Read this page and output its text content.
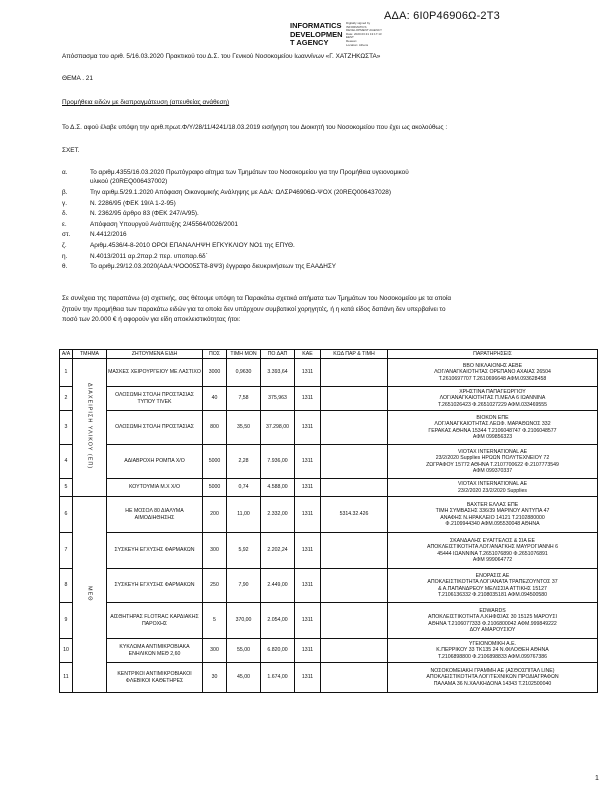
ΑΔΑ: 6Ι0Ρ46906Ω-2Τ3
INFORMATICS
DEVELOPMEN
T AGENCY
Digitally signed by
INFORMATICS
DEVELOPMENT AGENCY
Date: 2020.03.31 13:17:13
EEST
Reason:
Location: Athens
Απόσπασμα του αριθ. 5/16.03.2020 Πρακτικού του Δ.Σ. του Γενικού Νοσοκομείου Ιωαννίνων «Γ. ΧΑΤΖΗΚΩΣΤΑ»
ΘΕΜΑ . 21
Προμήθεια ειδών με διαπραγμάτευση (απευθείας ανάθεση)
Το Δ.Σ. αφού έλαβε υπόψη την αριθ.πρωτ.Φ/Υ/28/11/4241/18.03.2019 εισήγηση του Διοικητή του Νοσοκομείου που έχει ως ακολούθως :
ΣΧΕΤ.
α.	Το αριθμ.4355/16.03.2020 Πρωτόγραφο αίτημα των Τμημάτων του Νοσοκομείου για την Προμήθεια υγειονομικού
υλικού (20REQ006437002)
β.	Την αριθμ.5/29.1.2020 Απόφαση Οικονομικής Ανάληψης με ΑΔΑ: ΩΛΣΡ46906Ω-ΨΟΧ (20REQ006437028)
γ.	Ν. 2286/95 (ΦΕΚ 19/Α 1-2-95)
δ.	Ν. 2362/95 άρθρο 83 (ΦΕΚ 247/Α/95).
ε.	Απόφαση Υπουργού Ανάπτυξης 2/45564/0026/2001
στ.	Ν.4412/2016
ζ.	Αριθμ.4536/4-8-2010 ΟΡΟΙ ΕΠΑΝΑΛΗΨΗ ΕΓΚΥΚΛΙΟΥ ΝΟ1 της ΕΠΥΘ.
η.	Ν.4013/2011 αρ.2παρ.2 περ. υποπαρ.6δ΄
θ.	Το αριθμ.29/12.03.2020(ΑΔΑ:ΨΟΟ05ΣΤ8-8Ψ3) έγγραφο διευκρινήσεων της ΕΑΑΔΗΣΥ
Σε συνέχεια της παραπάνω (α) σχετικής, σας θέτουμε υπόψη τα Παρακάτω σχετικά αιτήματα των Τμημάτων του Νοσοκομείου με τα οποία
ζητούν την προμήθεια των παρακάτω ειδών για τα οποία δεν υπάρχουν συμβατικοί χορηγητές, ή η κατά είδος δαπάνη δεν υπερβαίνει το
ποσό των 20.000 € ή αφορούν για είδη αποκλειστικότητας ήτοι:
Α/Α	ΤΜΗΜΑ	ΖΗΤΟΥΜΕΝΑ ΕΙΔΗ	ΠΟΣ	ΤΙΜΗ ΜΟΝ	ΠΟ ΔΑΠ	ΚΑΕ	ΚΩΔ ΠΑΡ & ΤΙΜΗ	ΠΑΡΑΤΗΡΗΣΕΙΣ
1	ΔΙΑΧΕΙΡΙΣΗ ΥΛΙΚΟΥ (ΕΠ)	ΜΑΣΚΕΣ ΧΕΙΡΟΥΡΓΕΙΟΥ ΜΕ ΛΑΣΤΙΧΟ	3000	0,9630	3.393,64	1311		ΒΒΟ ΝΙΚΛΑΙΟΝΗΣ ΑΕΒΕ
ΛΟΓ/ΑΝΑΓΚΑΙΟΤΗΤΑΣ ΟΡΕΠΑΝΟ ΑΧΑΙΑΣ 26504
Τ.2610697707 Τ.2610696648 ΑΦΜ.093628458
2		ΟΛΟΣΩΜΗ ΣΤΟΛΗ ΠΡΟΣΤΑΣΙΑΣ ΤΥΠΟΥ TIVEK	40	7,58	375,963	1311		ΧΡΗΣΤΙΝΑ ΠΑΠΑΓΕΩΡΓΙΟΥ
ΛΟΓ/ΑΝΑΓΚΑΙΟΤΗΤΑΣ Π.ΜΕΛΑ 6 ΙΩΑΝΝΙΝΑ
Τ.2651026423 Φ.2651027229 ΑΦΜ.033469555
3		ΟΛΟΣΩΜΗ ΣΤΟΛΗ ΠΡΟΣΤΑΣΙΑΣ	800	35,50	37.298,00	1311		ΒΙΟΚΟΝ ΕΠΕ
ΛΟΓ/ΑΝΑΓΚΑΙΟΤΗΤΑΣ ΛΕΩΦ. ΜΑΡΑΘΩΝΟΣ 332
ΓΕΡΑΚΑΣ ΑΘΗΝΑ 15344 Τ.2106048747 Φ.2106048577
ΑΦΜ 099856323
4		ΑΔΙΑΒΡΟΧΗ ΡΟΜΠΑ Χ/Ο	5000	2,28	7.936,00	1311		VIOTAX INTERNATIONAL AE
23/2/2020 Supplies ΗΡΩΩΝ ΠΟΛΥΤΕΧΝΕΙΟΥ 72
ΖΩΓΡΑΦΟΥ 15772 ΑΘΗΝΑ Τ.2107700622 Φ.2107773549
ΑΦΜ 099370337
5		ΚΟΥΤΟΥΜΙΑ Μ.Χ Χ/Ο	5000	0,74	4.588,00	1311		VIOTAX INTERNATIONAL AE
23/2/2020 23/2/2020 Supplies
6	ΜΕΘ	ΗΕ ΜΟΣΟΛ 80 ΔΙΑΛΥΜΑ ΑΙΜΟΔΙΗΘΗΣΗΣ	200	11,00	2.332,00	1311	5314.32.426	BAXTER ΕΛΛΑΣ ΕΠΕ
ΤΙΜΗ ΣΥΜΒΑΣΗΣ 336/39 ΜΑΡΙΝΟΥ ΑΝΤΥΠΑ 47
ΑΝΑΦΗΣ Ν.ΗΡΑΚΛΕΙΟ 14121 Τ.2102880000
Φ.2109944340 ΑΦΜ.095530048 ΑΘΗΝΑ
7		ΣΥΣΚΕΥΗ ΕΓΧΥΣΗΣ ΦΑΡΜΑΚΩΝ	300	5,92	2.202,24	1311		ΣΚΑΝΔΑΛΗΣ ΕΥΑΓΓΕΛΟΣ & ΣΙΑ ΕΕ
ΑΠΟΚΛΕΙΣΤΙΚΟΤΗΤΑ ΛΟΓ/ΑΝΑΓΚΗΣ ΜΑΥΡΟΓΙΑΝΝΗ 6
45444 ΙΩΑΝΝΙΝΑ Τ.2651076890 Φ.2651076891
ΑΦΜ 999064772
8		ΣΥΣΚΕΥΗ ΕΓΧΥΣΗΣ ΦΑΡΜΑΚΩΝ	250	7,90	2.449,00	1311		ΕΝΟΡΑΣΙΣ ΑΕ
ΑΠΟΚΛΕΙΣΤΙΚΟΤΗΤΑ ΛΟΓ/ΑΝΑΤΑ ΤΡΑΠΕΖΟΥΝΤΟΣ 37
& Α.ΠΑΠΑΝΔΡΕΟΥ ΜΕΛΙΣΣΙΑ ΑΤΤΙΚΗΣ 15127
Τ.2106136332 Φ.2108035181 ΑΦΜ.094500580
9		ΑΙΣΘΗΤΗΡΑΣ FLOTRAC ΚΑΡΔΙΑΚΗΣ ΠΑΡΟΧΗΣ	5	370,00	2.054,00	1311		EDWARDS
ΑΠΟΚΛΕΙΣΤΙΚΟΤΗΤΑ Λ.ΚΗΦΙΣΙΑΣ 30 15125 ΜΑΡΟΥΣΙ
ΑΘΗΝΑ Τ.2106077333 Φ.2106800042 ΑΦΜ.999849222
ΔΟΥ ΑΜΑΡΟΥΣΙΟΥ
10		ΚΥΚΛΩΜΑ ΑΝΤΙΜΙΚΡΟΒΙΑΚΑ ΕΝΗΛΙΚΩΝ ΜΕΘ 2,60	300	55,00	6.820,00	1311		ΥΓΕΙΟΝΟΜΙΚΗ Α.Ε.
Κ.ΠΕΡΡΙΚΟΥ 33 ΤΚ135 24 Ν.ΦΙΛΟΘΕΗ ΑΘΗΝΑ
Τ.2106898800 Φ.2106898833 ΑΦΜ.099767386
11		ΚΕΝΤΡΙΚΟΙ ΑΝΤΙΜΙΚΡΟΒΙΑΚΟΙ ΦΛΕΒΙΚΟΙ ΚΑΘΕΤΗΡΕΣ	30	45,00	1.674,00	1311		ΝΟΣΟΚΟΜΕΙΑΚΗ ΓΡΑΜΜΗ ΑΕ (ΑΣΘΟΣΠΙΤΑΛ LINE)
ΑΠΟΚΛΕΙΣΤΙΚΟΤΗΤΑ ΛΟΓ/ΤΕΧΝΙΚΩΝ ΠΡΟΔΙΑΓΡΑΦΩΝ
ΠΑΛΑΜΑ 36 Ν.ΧΑΛΚΗΔΟΝΑ 14343 Τ.2102500040
1
